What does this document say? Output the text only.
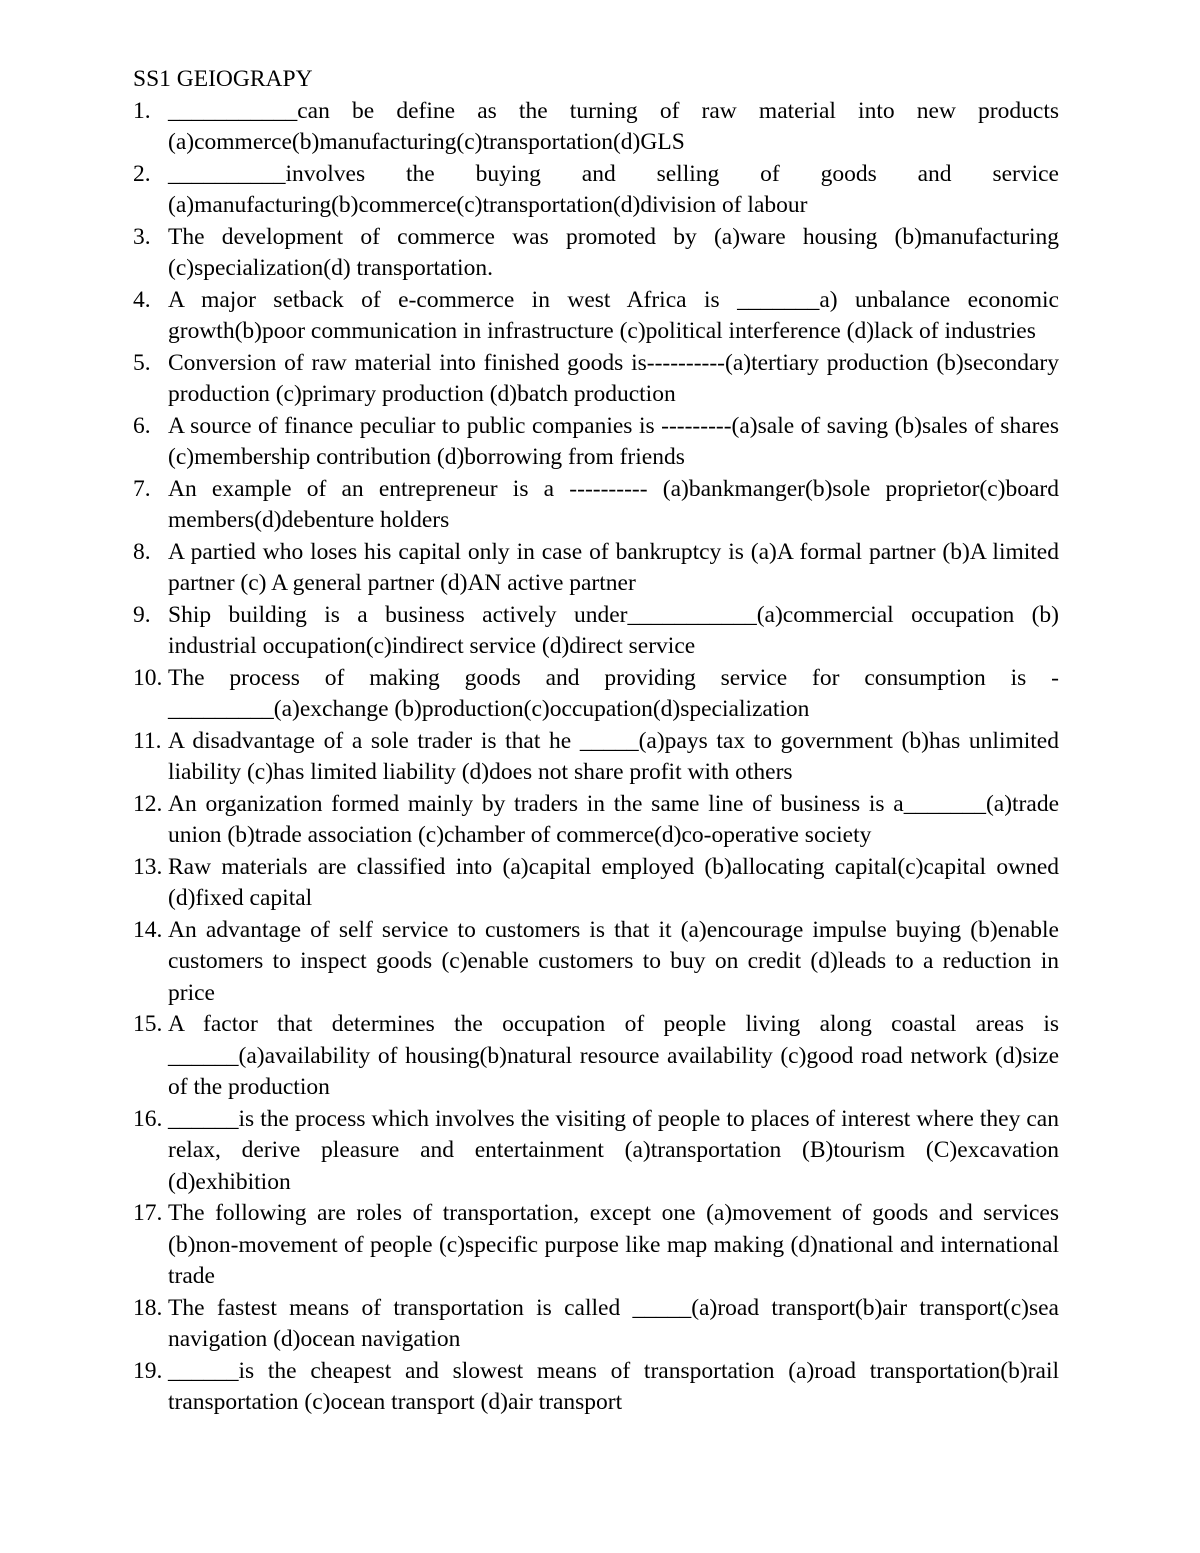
SS1 GEIOGRAPY
1. ___________can be define as the turning of raw material into new products (a)commerce(b)manufacturing(c)transportation(d)GLS
2. __________involves the buying and selling of goods and service (a)manufacturing(b)commerce(c)transportation(d)division of labour
3. The development of commerce was promoted by (a)ware housing (b)manufacturing (c)specialization(d) transportation.
4. A major setback of e-commerce in west Africa is _______a) unbalance economic growth(b)poor communication in infrastructure (c)political interference (d)lack of industries
5. Conversion of raw material into finished goods is----------(a)tertiary production (b)secondary production (c)primary production (d)batch production
6. A source of finance peculiar to public companies is ---------(a)sale of saving (b)sales of shares (c)membership contribution (d)borrowing from friends
7. An example of an entrepreneur is a ---------- (a)bankmanger(b)sole proprietor(c)board members(d)debenture holders
8. A partied who loses his capital only in case of bankruptcy is (a)A formal partner (b)A limited partner (c) A general partner (d)AN active partner
9. Ship building is a business actively under___________(a)commercial occupation (b) industrial occupation(c)indirect service (d)direct service
10. The process of making goods and providing service for consumption is -_________(a)exchange (b)production(c)occupation(d)specialization
11. A disadvantage of a sole trader is that he _____(a)pays tax to government (b)has unlimited liability (c)has limited liability (d)does not share profit with others
12. An organization formed mainly by traders in the same line of business is a_______(a)trade union (b)trade association (c)chamber of commerce(d)co-operative society
13. Raw materials are classified into (a)capital employed (b)allocating capital(c)capital owned (d)fixed capital
14. An advantage of self service to customers is that it (a)encourage impulse buying (b)enable customers to inspect goods (c)enable customers to buy on credit (d)leads to a reduction in price
15. A factor that determines the occupation of people living along coastal areas is ______(a)availability of housing(b)natural resource availability (c)good road network (d)size of the production
16. ______is the process which involves the visiting of people to places of interest where they can relax, derive pleasure and entertainment (a)transportation (B)tourism (C)excavation (d)exhibition
17. The following are roles of transportation, except one (a)movement of goods and services (b)non-movement of people (c)specific purpose like map making (d)national and international trade
18. The fastest means of transportation is called _____(a)road transport(b)air transport(c)sea navigation (d)ocean navigation
19. ______is the cheapest and slowest means of transportation (a)road transportation(b)rail transportation (c)ocean transport (d)air transport
